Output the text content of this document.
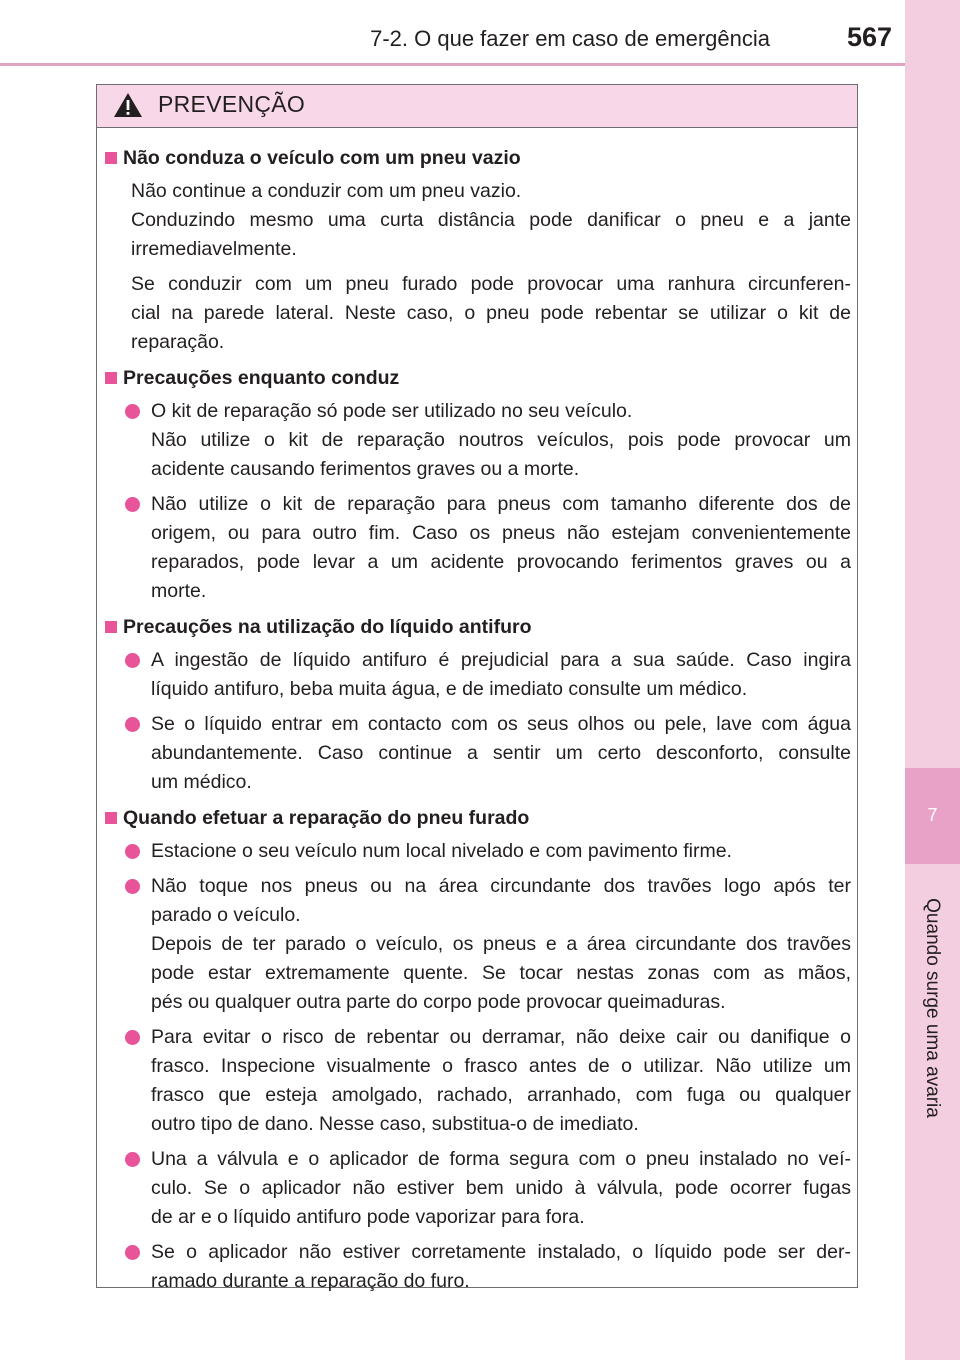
7
Quando surge uma avaria
7-2. O que fazer em caso de emergência	567
PREVENÇÃO
Não conduza o veículo com um pneu vazio
Não continue a conduzir com um pneu vazio.
Conduzindo mesmo uma curta distância pode danificar o pneu e a jante
irremediavelmente.
Se conduzir com um pneu furado pode provocar uma ranhura circunferen-
cial na parede lateral. Neste caso, o pneu pode rebentar se utilizar o kit de
reparação.
Precauções enquanto conduz
O kit de reparação só pode ser utilizado no seu veículo.
Não utilize o kit de reparação noutros veículos, pois pode provocar um
acidente causando ferimentos graves ou a morte.
Não utilize o kit de reparação para pneus com tamanho diferente dos de
origem, ou para outro fim. Caso os pneus não estejam convenientemente
reparados, pode levar a um acidente provocando ferimentos graves ou a
morte.
Precauções na utilização do líquido antifuro
A ingestão de líquido antifuro é prejudicial para a sua saúde. Caso ingira
líquido antifuro, beba muita água, e de imediato consulte um médico.
Se o líquido entrar em contacto com os seus olhos ou pele, lave com água
abundantemente. Caso continue a sentir um certo desconforto, consulte
um médico.
Quando efetuar a reparação do pneu furado
Estacione o seu veículo num local nivelado e com pavimento firme.
Não toque nos pneus ou na área circundante dos travões logo após ter
parado o veículo.
Depois de ter parado o veículo, os pneus e a área circundante dos travões
pode estar extremamente quente. Se tocar nestas zonas com as mãos,
pés ou qualquer outra parte do corpo pode provocar queimaduras.
Para evitar o risco de rebentar ou derramar, não deixe cair ou danifique o
frasco. Inspecione visualmente o frasco antes de o utilizar. Não utilize um
frasco que esteja amolgado, rachado, arranhado, com fuga ou qualquer
outro tipo de dano. Nesse caso, substitua-o de imediato.
Una a válvula e o aplicador de forma segura com o pneu instalado no veí-
culo. Se o aplicador não estiver bem unido à válvula, pode ocorrer fugas
de ar e o líquido antifuro pode vaporizar para fora.
Se o aplicador não estiver corretamente instalado, o líquido pode ser der-
ramado durante a reparação do furo.
